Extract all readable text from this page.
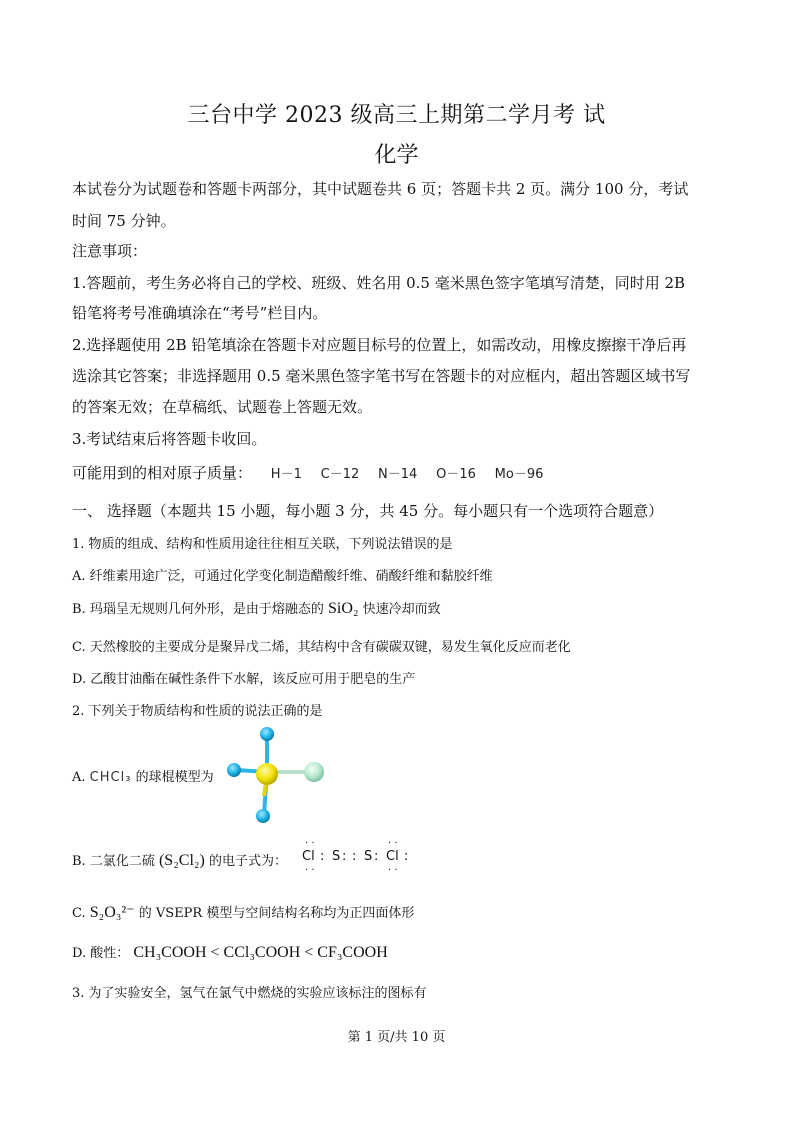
三台中学 2023 级高三上期第二学月考 试
化学
本试卷分为试题卷和答题卡两部分，其中试题卷共 6 页；答题卡共 2 页。满分 100 分，考试
时间 75 分钟。
注意事项：
1.答题前，考生务必将自己的学校、班级、姓名用 0.5 毫米黑色签字笔填写清楚，同时用 2B
铅笔将考号准确填涂在“考号”栏目内。
2.选择题使用 2B 铅笔填涂在答题卡对应题目标号的位置上，如需改动，用橡皮擦擦干净后再
选涂其它答案；非选择题用 0.5 毫米黑色签字笔书写在答题卡的对应框内，超出答题区域书写
的答案无效；在草稿纸、试题卷上答题无效。
3.考试结束后将答题卡收回。
可能用到的相对原子质量： H－1 C－12 N－14 O－16 Mo－96
一、 选择题（本题共 15 小题，每小题 3 分，共 45 分。每小题只有一个选项符合题意）
1. 物质的组成、结构和性质用途往往相互关联，下列说法错误的是
A. 纤维素用途广泛，可通过化学变化制造醋酸纤维、硝酸纤维和黏胶纤维
B. 玛瑙呈无规则几何外形，是由于熔融态的 SiO₂ 快速冷却而致
C. 天然橡胶的主要成分是聚异戊二烯，其结构中含有碳碳双键，易发生氧化反应而老化
D. 乙酸甘油酯在碱性条件下水解，该反应可用于肥皂的生产
2. 下列关于物质结构和性质的说法正确的是
A. CHCl₃ 的球棍模型为
B. 二氯化二硫 (S₂Cl₂) 的电子式为：
· ·
· ·
Cl : S : : S :
· ·
· ·
Cl :
C. S₂O₃²⁻ 的 VSEPR 模型与空间结构名称均为正四面体形
D. 酸性： CH₃COOH < CCl₃COOH < CF₃COOH
3. 为了实验安全，氢气在氯气中燃烧的实验应该标注的图标有
第 1 页/共 10 页
